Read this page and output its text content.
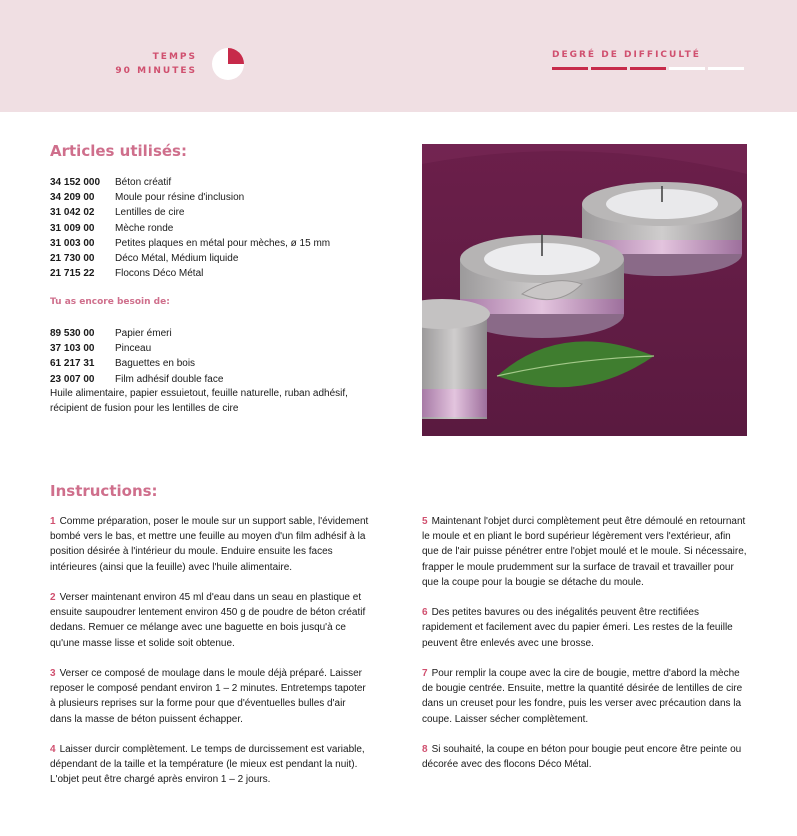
TEMPS
90 MINUTES
DEGRÉ DE DIFFICULTÉ
Articles utilisés:
34 152 000	Béton créatif
34 209 00	Moule pour résine d'inclusion
31 042 02	Lentilles de cire
31 009 00	Mèche ronde
31 003 00	Petites plaques en métal pour mèches, ø 15 mm
21 730 00	Déco Métal, Médium liquide
21 715 22	Flocons Déco Métal
Tu as encore besoin de:
89 530 00	Papier émeri
37 103 00	Pinceau
61 217 31	Baguettes en bois
23 007 00	Film adhésif double face
Huile alimentaire, papier essuietout, feuille naturelle, ruban adhésif,
récipient de fusion pour les lentilles de cire
Instructions:
1 Comme préparation, poser le moule sur un support sable, l'évidement bombé vers le bas, et mettre une feuille au moyen d'un film adhésif à la position désirée à l'intérieur du moule. Enduire ensuite les faces intérieures (ainsi que la feuille) avec l'huile alimentaire.
2 Verser maintenant environ 45 ml d'eau dans un seau en plastique et ensuite saupoudrer lentement environ 450 g de poudre de béton créatif dedans. Remuer ce mélange avec une baguette en bois jusqu'à ce qu'une masse lisse et solide soit obtenue.
3 Verser ce composé de moulage dans le moule déjà préparé. Laisser reposer le composé pendant environ 1 – 2 minutes. Entretemps tapoter à plusieurs reprises sur la forme pour que d'éventuelles bulles d'air dans la masse de béton puissent échapper.
4 Laisser durcir complètement. Le temps de durcissement est variable, dépendant de la taille et la température (le mieux est pendant la nuit). L'objet peut être chargé après environ 1 – 2 jours.
5 Maintenant l'objet durci complètement peut être démoulé en retournant le moule et en pliant le bord supérieur légèrement vers l'extérieur, afin que de l'air puisse pénétrer entre l'objet moulé et le moule. Si nécessaire, frapper le moule prudemment sur la surface de travail et travailler pour que la coupe pour la bougie se détache du moule.
6 Des petites bavures ou des inégalités peuvent être rectifiées rapidement et facilement avec du papier émeri. Les restes de la feuille peuvent être enlevés avec une brosse.
7 Pour remplir la coupe avec la cire de bougie, mettre d'abord la mèche de bougie centrée. Ensuite, mettre la quantité désirée de lentilles de cire dans un creuset pour les fondre, puis les verser avec précaution dans la coupe. Laisser sécher complètement.
8 Si souhaité, la coupe en béton pour bougie peut encore être peinte ou décorée avec des flocons Déco Métal.
